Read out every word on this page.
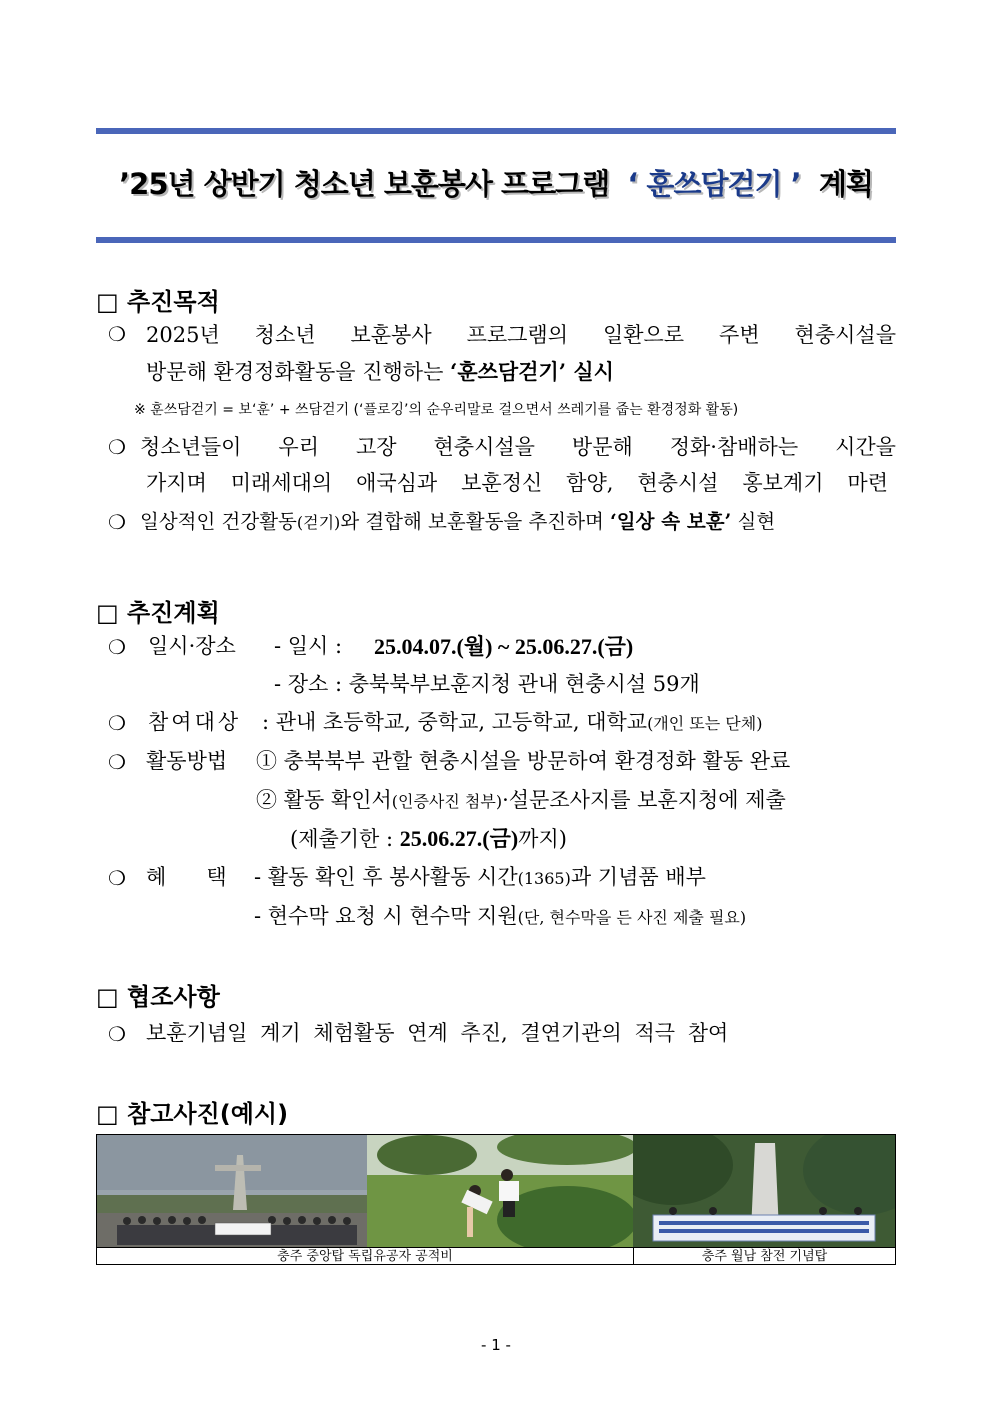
’25년 상반기 청소년 보훈봉사 프로그램 ‘ 훈쓰담걷기 ’ 계획
□ 추진목적
❍ 2025년 청소년 보훈봉사 프로그램의 일환으로 주변 현충시설을
방문해 환경정화활동을 진행하는 ‘훈쓰담걷기’ 실시
※ 훈쓰담걷기 = 보‘훈’ + 쓰담걷기 (‘플로깅’의 순우리말로 걸으면서 쓰레기를 줍는 환경정화 활동)
❍ 청소년들이 우리 고장 현충시설을 방문해 정화·참배하는 시간을
가지며 미래세대의 애국심과 보훈정신 함양, 현충시설 홍보계기 마련
❍ 일상적인 건강활동(걷기)와 결합해 보훈활동을 추진하며 ‘일상 속 보훈’ 실현
□ 추진계획
❍ 일시·장소 - 일시 : 25.04.07.(월) ~ 25.06.27.(금)
- 장소 : 충북북부보훈지청 관내 현충시설 59개
❍ 참여대상 : 관내 초등학교, 중학교, 고등학교, 대학교(개인 또는 단체)
❍ 활동방법 ① 충북북부 관할 현충시설을 방문하여 환경정화 활동 완료
② 활동 확인서(인증사진 첨부)·설문조사지를 보훈지청에 제출
(제출기한 : 25.06.27.(금)까지)
❍ 혜      택 - 활동 확인 후 봉사활동 시간(1365)과 기념품 배부
- 현수막 요청 시 현수막 지원(단, 현수막을 든 사진 제출 필요)
□ 협조사항
❍ 보훈기념일 계기 체험활동 연계 추진, 결연기관의 적극 참여
□ 참고사진(예시)
충주 중앙탑 독립유공자 공적비	충주 월남 참전 기념탑
- 1 -
